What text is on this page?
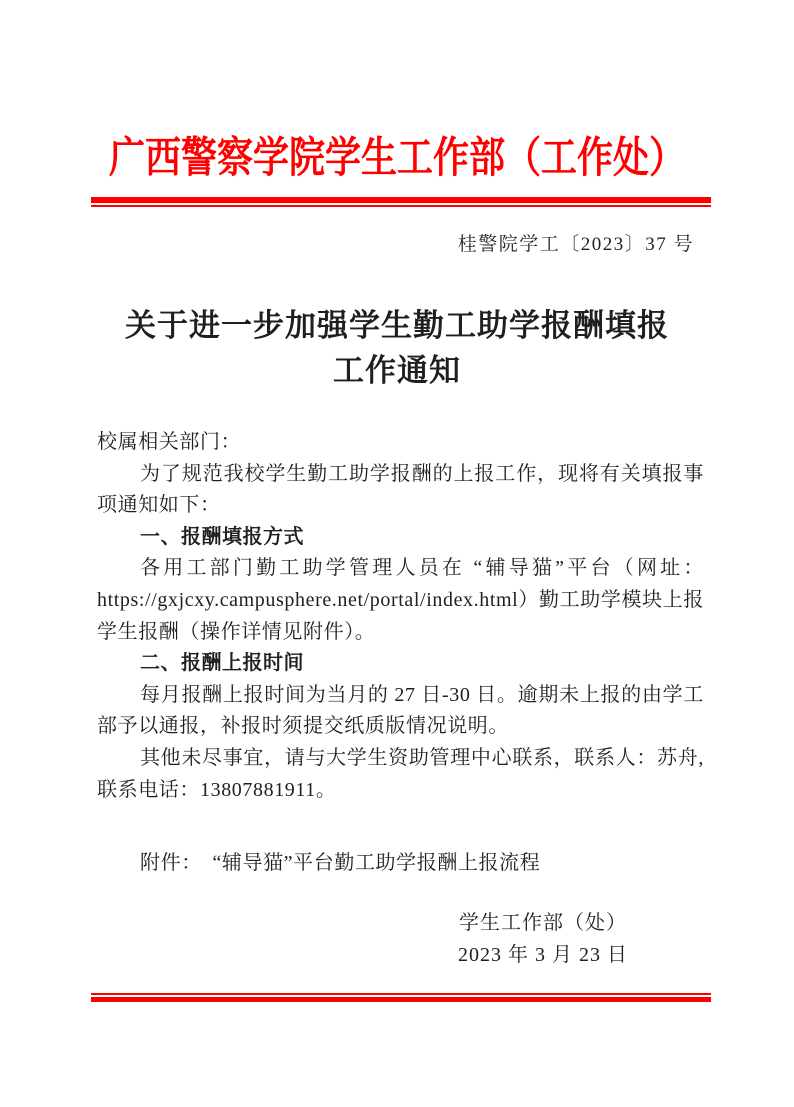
广西警察学院学生工作部（工作处）
桂警院学工〔2023〕37 号
关于进一步加强学生勤工助学报酬填报
工作通知

校属相关部门：

为了规范我校学生勤工助学报酬的上报工作，现将有关填报事项通知如下：

一、报酬填报方式

各用工部门勤工助学管理人员在 “辅导猫”平台（网址：https://gxjcxy.campusphere.net/portal/index.html）勤工助学模块上报学生报酬（操作详情见附件）。

二、报酬上报时间

每月报酬上报时间为当月的 27 日-30 日。逾期未上报的由学工部予以通报，补报时须提交纸质版情况说明。

其他未尽事宜，请与大学生资助管理中心联系，联系人：苏舟,联系电话：13807881911。

附件：　“辅导猫”平台勤工助学报酬上报流程
学生工作部（处）
2023 年 3 月 23 日
